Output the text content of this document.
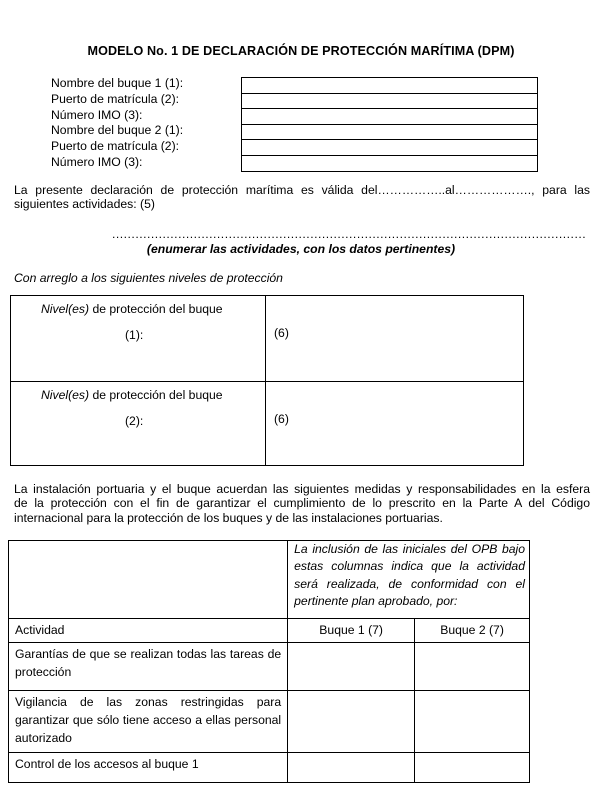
MODELO No. 1 DE DECLARACIÓN DE PROTECCIÓN MARÍTIMA (DPM)
Nombre del buque 1 (1):
Puerto de matrícula (2):
Número IMO (3):
Nombre del buque 2 (1):
Puerto de matrícula (2):
Número IMO (3):
La presente declaración de protección marítima es válida del……………..al………………., para las
siguientes actividades: (5)
..........................................................................................................................
(enumerar las actividades, con los datos pertinentes)
Con arreglo a los siguientes niveles de protección
Nivel(es) de protección del buque
(1):	(6)

Nivel(es) de protección del buque
(2):	(6)
La instalación portuaria y el buque acuerdan las siguientes medidas y responsabilidades en la esfera
de la protección con el fin de garantizar el cumplimiento de lo prescrito en la Parte A del Código
internacional para la protección de los buques y de las instalaciones portuarias.
	La inclusión de las iniciales del OPB bajo estas columnas indica que la actividad será realizada, de conformidad con el pertinente plan aprobado, por:	
Actividad	Buque 1 (7)	Buque 2 (7)
Garantías de que se realizan todas las tareas de protección		
Vigilancia de las zonas restringidas para garantizar que sólo tiene acceso a ellas personal autorizado		
Control de los accesos al buque 1		
